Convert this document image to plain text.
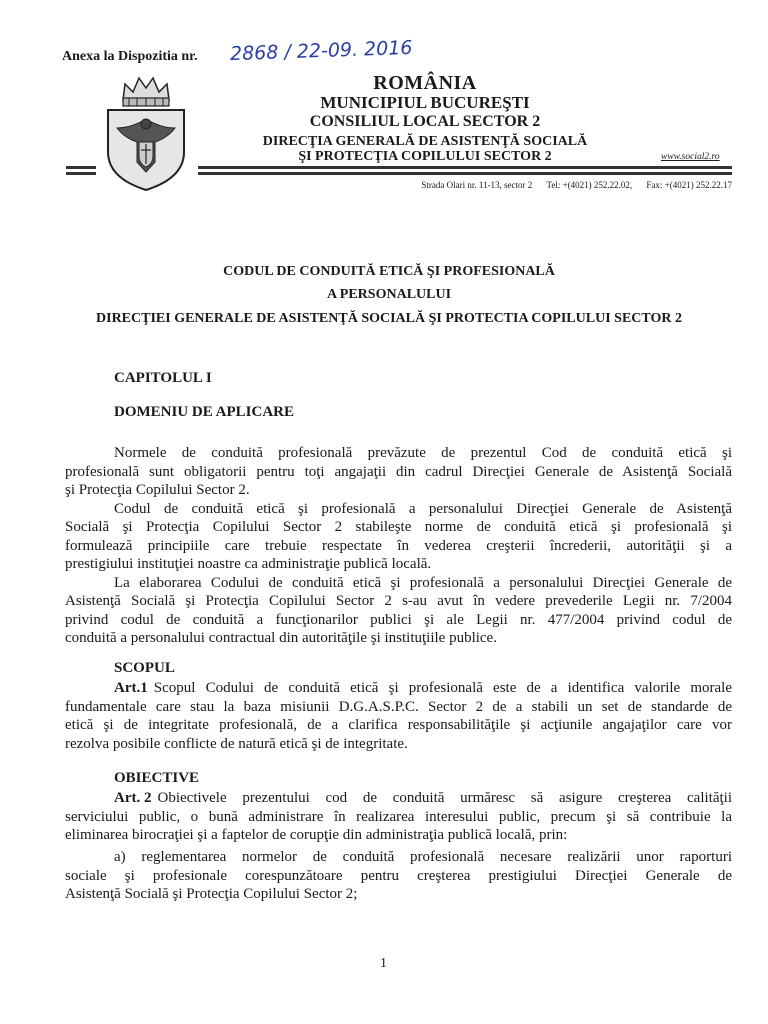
Anexa la Dispozitia nr. 2868 / 22-09. 2016
ROMÂNIA
MUNICIPIUL BUCUREŞTI
CONSILIUL LOCAL SECTOR 2
DIRECŢIA GENERALĂ DE ASISTENŢĂ SOCIALĂ
ŞI PROTECŢIA COPILULUI SECTOR 2	www.social2.ro
Strada Olari nr. 11-13, sector 2 Tel: +(4021) 252.22.02, Fax: +(4021) 252.22.17
CODUL DE CONDUITĂ ETICĂ ŞI PROFESIONALĂ
A PERSONALULUI
DIRECŢIEI GENERALE DE ASISTENŢĂ SOCIALĂ ŞI PROTECTIA COPILULUI SECTOR 2
CAPITOLUL I
DOMENIU DE APLICARE
Normele de conduită profesională prevăzute de prezentul Cod de conduită etică şi
profesională sunt obligatorii pentru toţi angajaţii din cadrul Direcţiei Generale de Asistenţă Socială
şi Protecţia Copilului Sector 2.
Codul de conduită etică şi profesională a personalului Direcţiei Generale de Asistenţă
Socială şi Protecţia Copilului Sector 2 stabileşte norme de conduită etică şi profesională şi
formulează principiile care trebuie respectate în vederea creşterii încrederii, autorităţii şi a
prestigiului instituţiei noastre ca administraţie publică locală.
La elaborarea Codului de conduită etică şi profesională a personalului Direcţiei Generale de
Asistenţă Socială şi Protecţia Copilului Sector 2 s-au avut în vedere prevederile Legii nr. 7/2004
privind codul de conduită a funcţionarilor publici şi ale Legii nr. 477/2004 privind codul de
conduită a personalului contractual din autorităţile şi instituţiile publice.
SCOPUL
Art.1 Scopul Codului de conduită etică şi profesională este de a identifica valorile morale
fundamentale care stau la baza misiunii D.G.A.S.P.C. Sector 2 de a stabili un set de standarde de
etică şi de integritate profesională, de a clarifica responsabilităţile şi acţiunile angajaţilor care vor
rezolva posibile conflicte de natură etică şi de integritate.
OBIECTIVE
Art. 2 Obiectivele prezentului cod de conduită urmăresc să asigure creşterea calităţii
serviciului public, o bună administrare în realizarea interesului public, precum şi să contribuie la
eliminarea birocraţiei şi a faptelor de corupţie din administraţia publică locală, prin:
a) reglementarea normelor de conduită profesională necesare realizării unor raporturi
sociale şi profesionale corespunzătoare pentru creşterea prestigiului Direcţiei Generale de
Asistenţă Socială şi Protecţia Copilului Sector 2;
1
